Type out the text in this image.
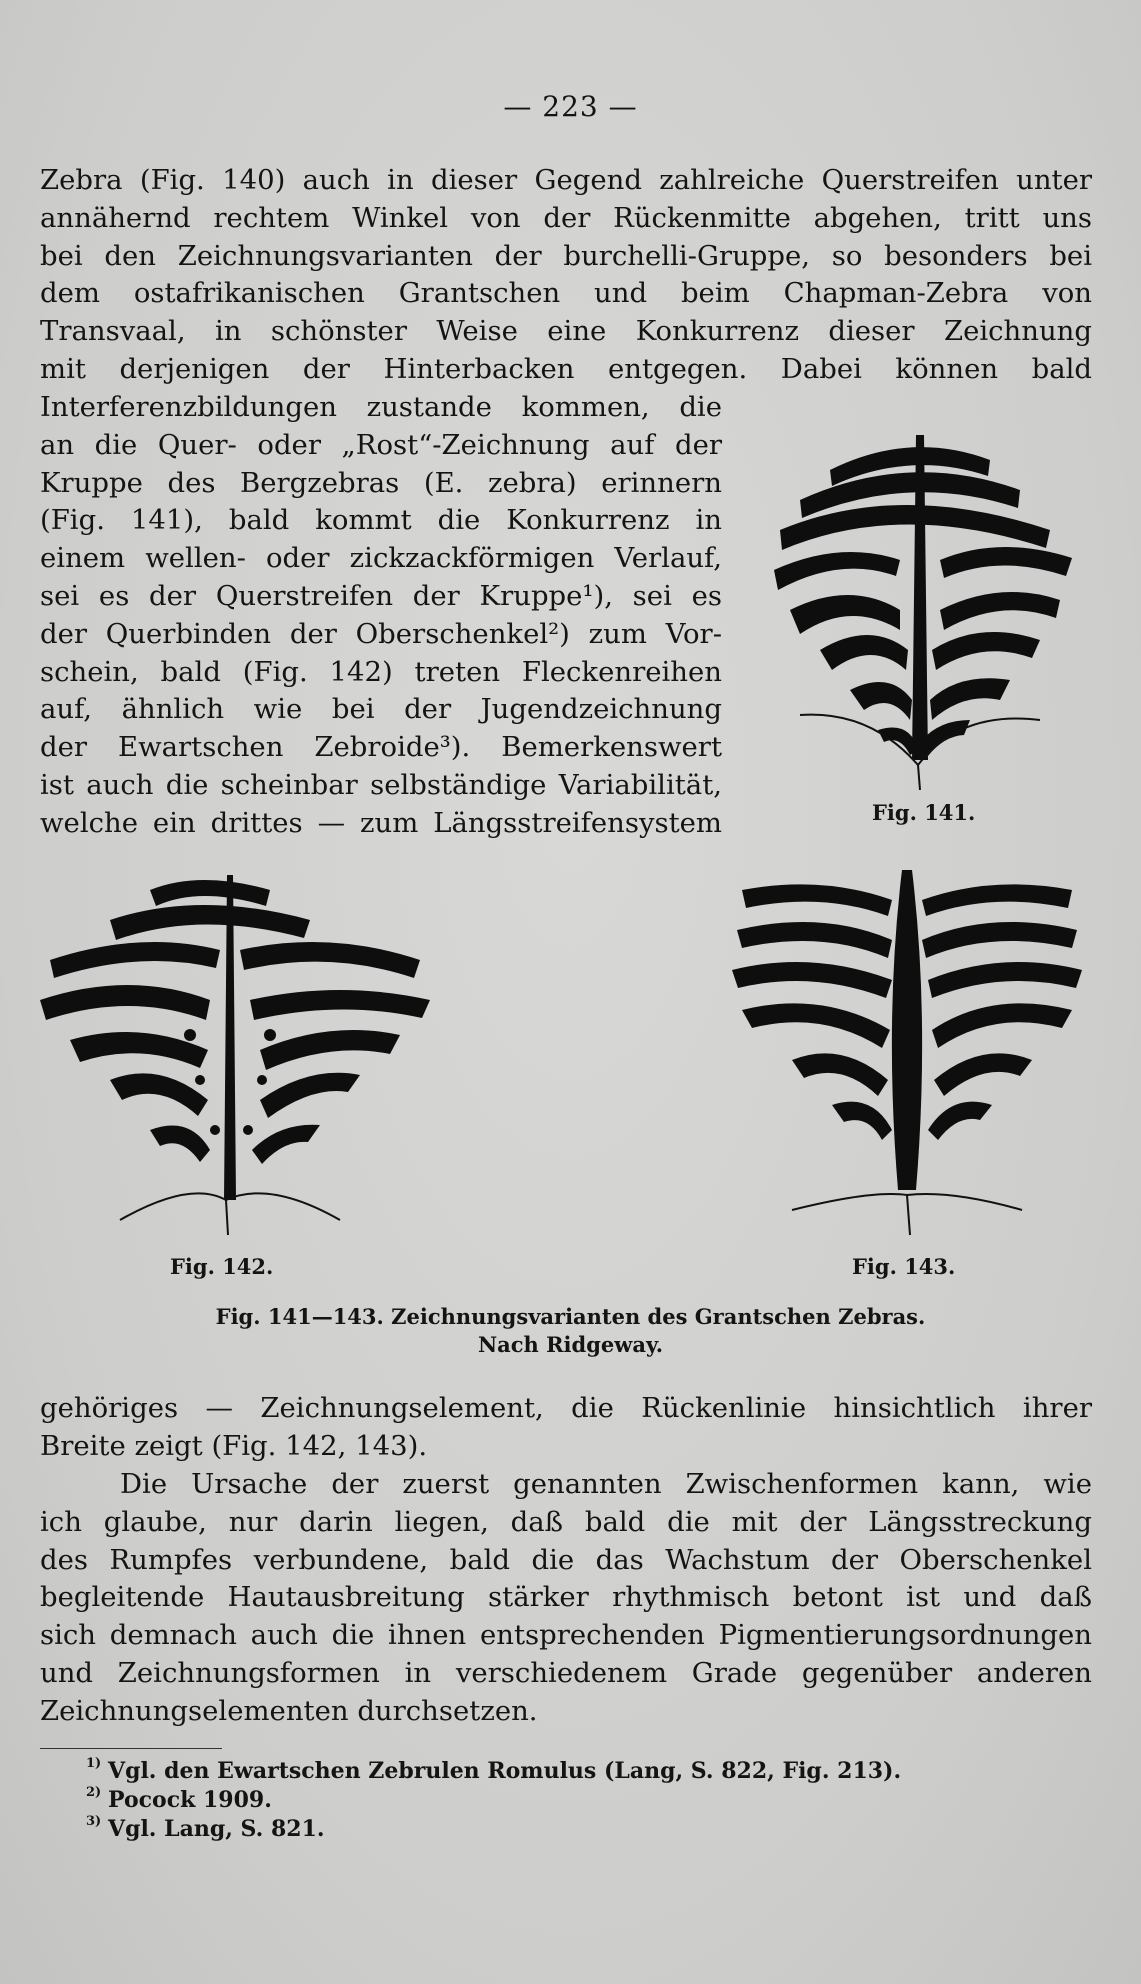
— 223 —
Zebra (Fig. 140) auch in dieser Gegend zahlreiche Querstreifen unter
annähernd rechtem Winkel von der Rückenmitte abgehen, tritt uns
bei den Zeichnungsvarianten der burchelli-Gruppe, so besonders bei
dem ostafrikanischen Grantschen und beim Chapman-Zebra von
Transvaal, in schönster Weise eine Konkurrenz dieser Zeichnung
mit derjenigen der Hinterbacken entgegen. Dabei können bald
Interferenzbildungen zustande kommen, die
an die Quer- oder „Rost“-Zeichnung auf der
Kruppe des Bergzebras (E. zebra) erinnern
(Fig. 141), bald kommt die Konkurrenz in
einem wellen- oder zickzackförmigen Verlauf,
sei es der Querstreifen der Kruppe¹), sei es
der Querbinden der Oberschenkel²) zum Vor-
schein, bald (Fig. 142) treten Fleckenreihen
auf, ähnlich wie bei der Jugendzeichnung
der Ewartschen Zebroide³). Bemerkenswert
ist auch die scheinbar selbständige Variabilität,
welche ein drittes — zum Längsstreifensystem	Fig. 141.
Fig. 142.	Fig. 143.
Fig. 141—143. Zeichnungsvarianten des Grantschen Zebras.
Nach Ridgeway.
gehöriges — Zeichnungselement, die Rückenlinie hinsichtlich ihrer
Breite zeigt (Fig. 142, 143).
Die Ursache der zuerst genannten Zwischenformen kann, wie
ich glaube, nur darin liegen, daß bald die mit der Längsstreckung
des Rumpfes verbundene, bald die das Wachstum der Oberschenkel
begleitende Hautausbreitung stärker rhythmisch betont ist und daß
sich demnach auch die ihnen entsprechenden Pigmentierungsordnungen
und Zeichnungsformen in verschiedenem Grade gegenüber anderen
Zeichnungselementen durchsetzen.
1) Vgl. den Ewartschen Zebrulen Romulus (Lang, S. 822, Fig. 213).
2) Pocock 1909.
3) Vgl. Lang, S. 821.
